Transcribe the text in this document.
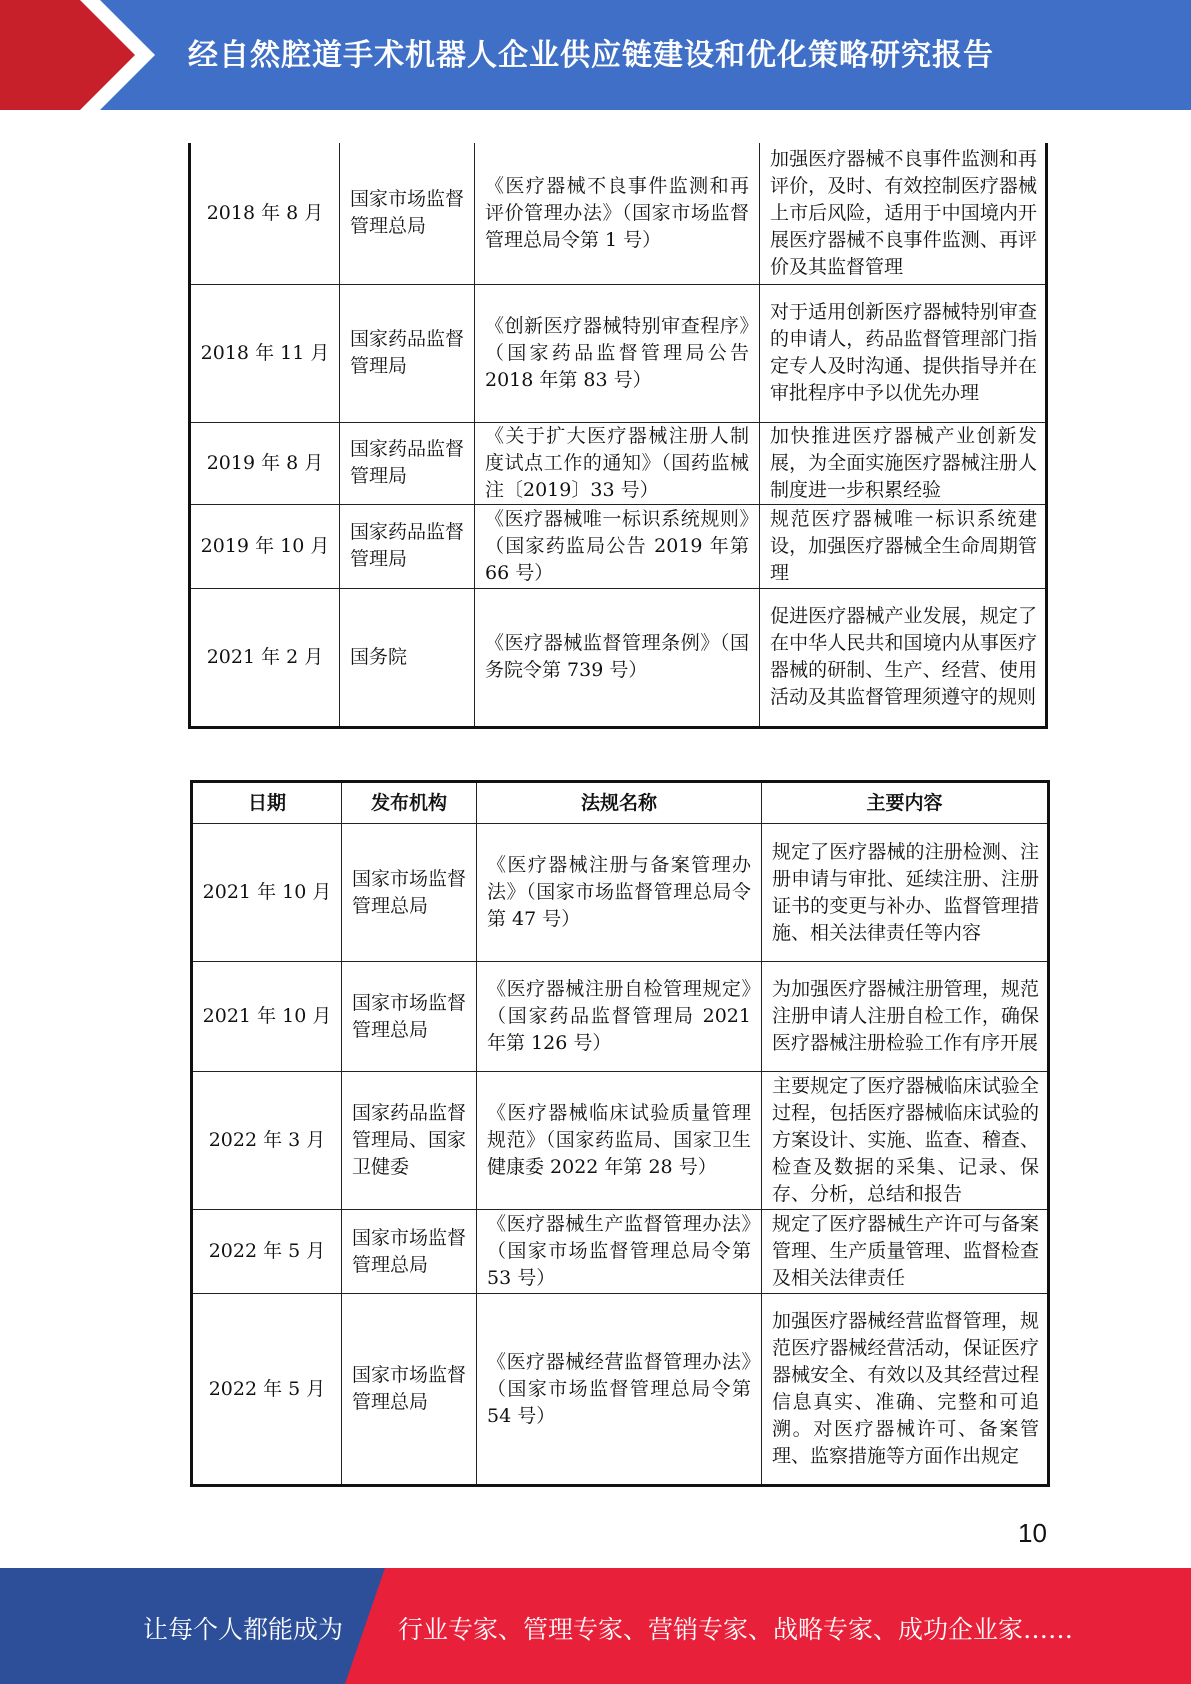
经自然腔道手术机器人企业供应链建设和优化策略研究报告
2018 年 8 月	国家市场监督管理总局	《医疗器械不良事件监测和再评价管理办法》（国家市场监督管理总局令第 1 号）	加强医疗器械不良事件监测和再评价，及时、有效控制医疗器械上市后风险，适用于中国境内开展医疗器械不良事件监测、再评价及其监督管理
2018 年 11 月	国家药品监督管理局	《创新医疗器械特别审查程序》（国家药品监督管理局公告 2018 年第 83 号）	对于适用创新医疗器械特别审查的申请人，药品监督管理部门指定专人及时沟通、提供指导并在审批程序中予以优先办理
2019 年 8 月	国家药品监督管理局	《关于扩大医疗器械注册人制度试点工作的通知》（国药监械注〔2019〕33 号）	加快推进医疗器械产业创新发展，为全面实施医疗器械注册人制度进一步积累经验
2019 年 10 月	国家药品监督管理局	《医疗器械唯一标识系统规则》（国家药监局公告 2019 年第 66 号）	规范医疗器械唯一标识系统建设，加强医疗器械全生命周期管理
2021 年 2 月	国务院	《医疗器械监督管理条例》（国务院令第 739 号）	促进医疗器械产业发展，规定了在中华人民共和国境内从事医疗器械的研制、生产、经营、使用活动及其监督管理须遵守的规则
日期	发布机构	法规名称	主要内容
2021 年 10 月	国家市场监督管理总局	《医疗器械注册与备案管理办法》（国家市场监督管理总局令第 47 号）	规定了医疗器械的注册检测、注册申请与审批、延续注册、注册证书的变更与补办、监督管理措施、相关法律责任等内容
2021 年 10 月	国家市场监督管理总局	《医疗器械注册自检管理规定》（国家药品监督管理局 2021 年第 126 号）	为加强医疗器械注册管理，规范注册申请人注册自检工作，确保医疗器械注册检验工作有序开展
2022 年 3 月	国家药品监督管理局、国家卫健委	《医疗器械临床试验质量管理规范》（国家药监局、国家卫生健康委 2022 年第 28 号）	主要规定了医疗器械临床试验全过程，包括医疗器械临床试验的方案设计、实施、监查、稽查、检查及数据的采集、记录、保存、分析，总结和报告
2022 年 5 月	国家市场监督管理总局	《医疗器械生产监督管理办法》（国家市场监督管理总局令第 53 号）	规定了医疗器械生产许可与备案管理、生产质量管理、监督检查及相关法律责任
2022 年 5 月	国家市场监督管理总局	《医疗器械经营监督管理办法》（国家市场监督管理总局令第 54 号）	加强医疗器械经营监督管理，规范医疗器械经营活动，保证医疗器械安全、有效以及其经营过程信息真实、准确、完整和可追溯。对医疗器械许可、备案管理、监察措施等方面作出规定
10
让每个人都能成为 行业专家、管理专家、营销专家、战略专家、成功企业家……
